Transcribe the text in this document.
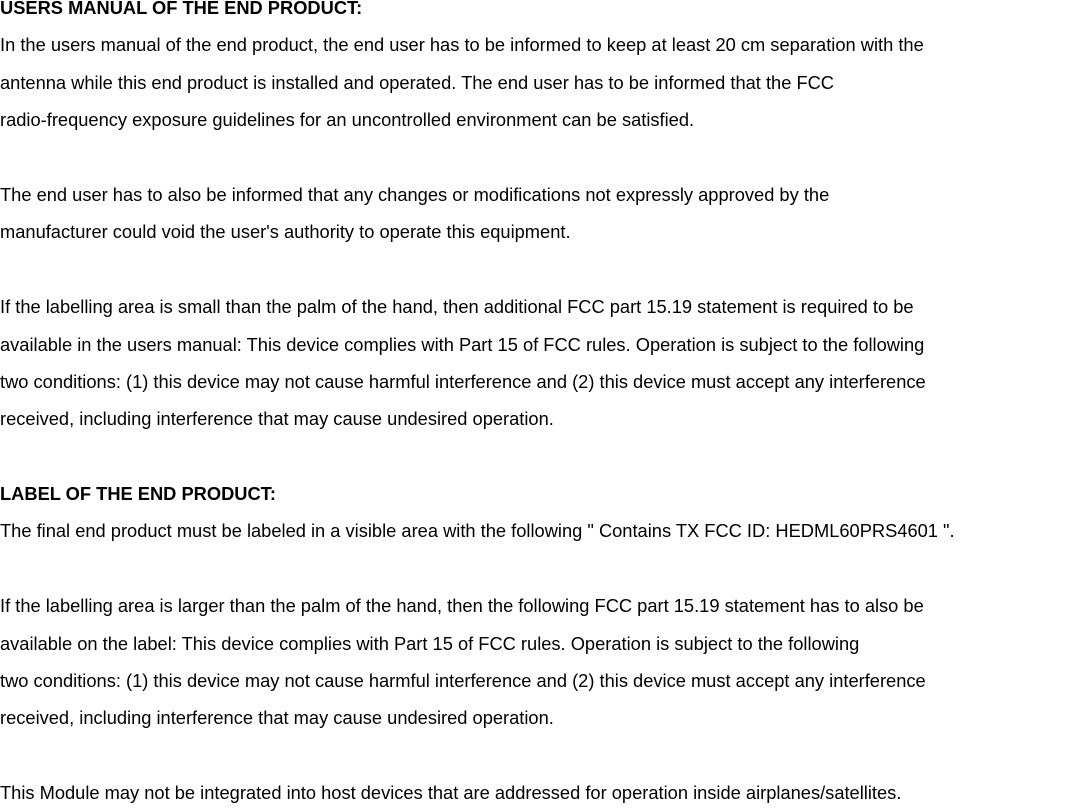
USERS MANUAL OF THE END PRODUCT:
In the users manual of the end product, the end user has to be informed to keep at least 20 cm separation with the
antenna while this end product is installed and operated. The end user has to be informed that the FCC
radio-frequency exposure guidelines for an uncontrolled environment can be satisfied.
The end user has to also be informed that any changes or modifications not expressly approved by the
manufacturer could void the user's authority to operate this equipment.
If the labelling area is small than the palm of the hand, then additional FCC part 15.19 statement is required to be
available in the users manual: This device complies with Part 15 of FCC rules. Operation is subject to the following
two conditions: (1) this device may not cause harmful interference and (2) this device must accept any interference
received, including interference that may cause undesired operation.
LABEL OF THE END PRODUCT:
The final end product must be labeled in a visible area with the following " Contains TX FCC ID: HEDML60PRS4601 ".
If the labelling area is larger than the palm of the hand, then the following FCC part 15.19 statement has to also be
available on the label: This device complies with Part 15 of FCC rules. Operation is subject to the following
two conditions: (1) this device may not cause harmful interference and (2) this device must accept any interference
received, including interference that may cause undesired operation.
This Module may not be integrated into host devices that are addressed for operation inside airplanes/satellites.
